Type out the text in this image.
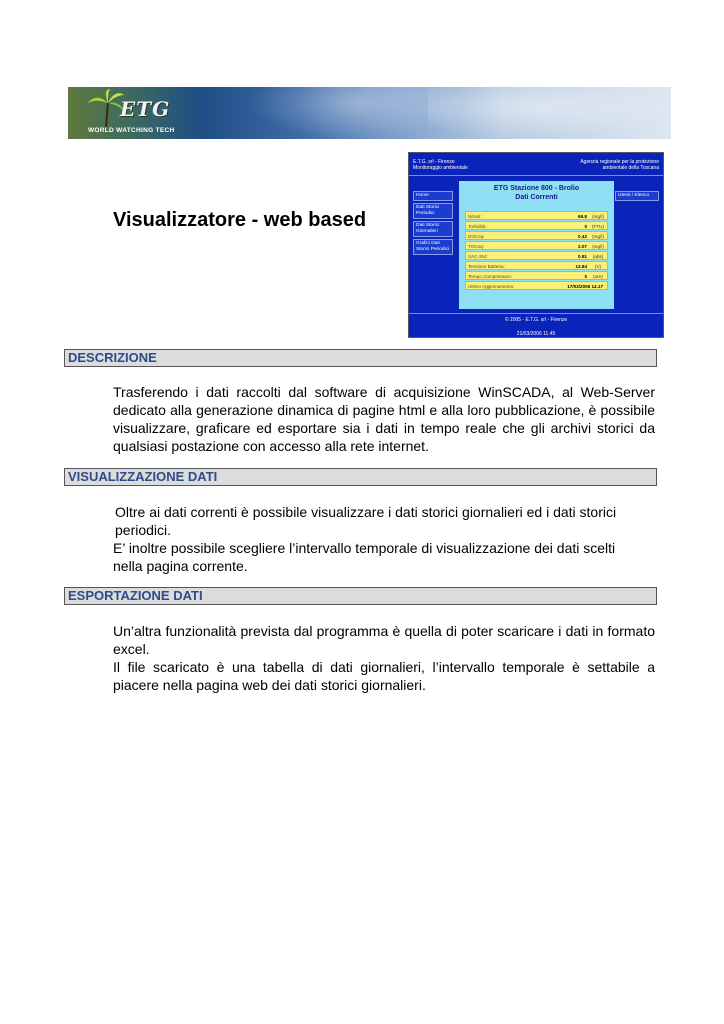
ETG
WORLD WATCHING TECH
Visualizzatore - web based
E.T.G. srl - Firenze
Monitoraggio ambientale
Agenzia regionale per la protezione
ambientale della Toscana
Home
Dati Storici Periodici
Dati Storici Giornalieri
Grafici Dati Storici Periodici
Utenti / Elenco
ETG Stazione 800 - Brolio
Dati Correnti
Nitrati:	65.8	(mg/l)
Torbidità:	0	(FTU)
DOCeq:	0.43	(mg/l)
TOCeq:	2.07	(mg/l)
SAC-254:	0.91	(abs)
Tensione Batteria:	13.84	(V)
Tempo Compressore:	0	(ore)
Ultimo Aggiornamento:	17/03/2006 14.17
© 2005 - E.T.G. srl - Firenze
21/03/2006 11.45
DESCRIZIONE

Trasferendo i dati raccolti dal software di acquisizione WinSCADA, al Web-Server dedicato alla generazione dinamica di pagine html e alla loro pubblicazione, è possibile visualizzare, graficare ed esportare sia i dati in tempo reale che gli archivi storici da qualsiasi postazione con accesso alla rete internet.

VISUALIZZAZIONE DATI

Oltre ai dati correnti è possibile visualizzare i dati storici giornalieri ed i dati storici periodici.

E’ inoltre possibile scegliere l’intervallo temporale di visualizzazione dei dati scelti nella pagina corrente.

ESPORTAZIONE DATI

Un’altra funzionalità prevista dal programma è quella di poter scaricare i dati in formato excel.

Il file scaricato è una tabella di dati giornalieri, l’intervallo temporale è settabile a piacere nella pagina web dei dati storici giornalieri.
